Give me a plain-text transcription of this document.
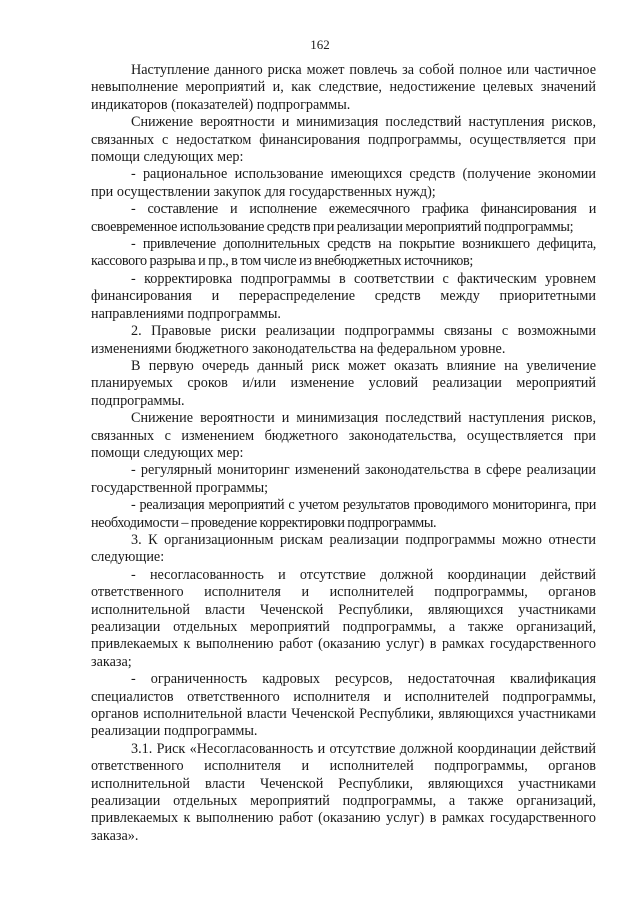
162

Наступление данного риска может повлечь за собой полное или частичное невыполнение мероприятий и, как следствие, недостижение целевых значений индикаторов (показателей) подпрограммы.

Снижение вероятности и минимизация последствий наступления рисков, связанных с недостатком финансирования подпрограммы, осуществляется при помощи следующих мер:

- рациональное использование имеющихся средств (получение экономии при осуществлении закупок для государственных нужд);

- составление и исполнение ежемесячного графика финансирования и своевременное использование средств при реализации мероприятий подпрограммы;

- привлечение дополнительных средств на покрытие возникшего дефицита, кассового разрыва и пр., в том числе из внебюджетных источников;

- корректировка подпрограммы в соответствии с фактическим уровнем финансирования и перераспределение средств между приоритетными направлениями подпрограммы.

2. Правовые риски реализации подпрограммы связаны с возможными изменениями бюджетного законодательства на федеральном уровне.

В первую очередь данный риск может оказать влияние на увеличение планируемых сроков и/или изменение условий реализации мероприятий подпрограммы.

Снижение вероятности и минимизация последствий наступления рисков, связанных с изменением бюджетного законодательства, осуществляется при помощи следующих мер:

- регулярный мониторинг изменений законодательства в сфере реализации государственной программы;

- реализация мероприятий с учетом результатов проводимого мониторинга, при необходимости – проведение корректировки подпрограммы.

3. К организационным рискам реализации подпрограммы можно отнести следующие:

- несогласованность и отсутствие должной координации действий ответственного исполнителя и исполнителей подпрограммы, органов исполнительной власти Чеченской Республики, являющихся участниками реализации отдельных мероприятий подпрограммы, а также организаций, привлекаемых к выполнению работ (оказанию услуг) в рамках государственного заказа;

- ограниченность кадровых ресурсов, недостаточная квалификация специалистов ответственного исполнителя и исполнителей подпрограммы, органов исполнительной власти Чеченской Республики, являющихся участниками реализации подпрограммы.

3.1. Риск «Несогласованность и отсутствие должной координации действий ответственного исполнителя и исполнителей подпрограммы, органов исполнительной власти Чеченской Республики, являющихся участниками реализации отдельных мероприятий подпрограммы, а также организаций, привлекаемых к выполнению работ (оказанию услуг) в рамках государственного заказа».
